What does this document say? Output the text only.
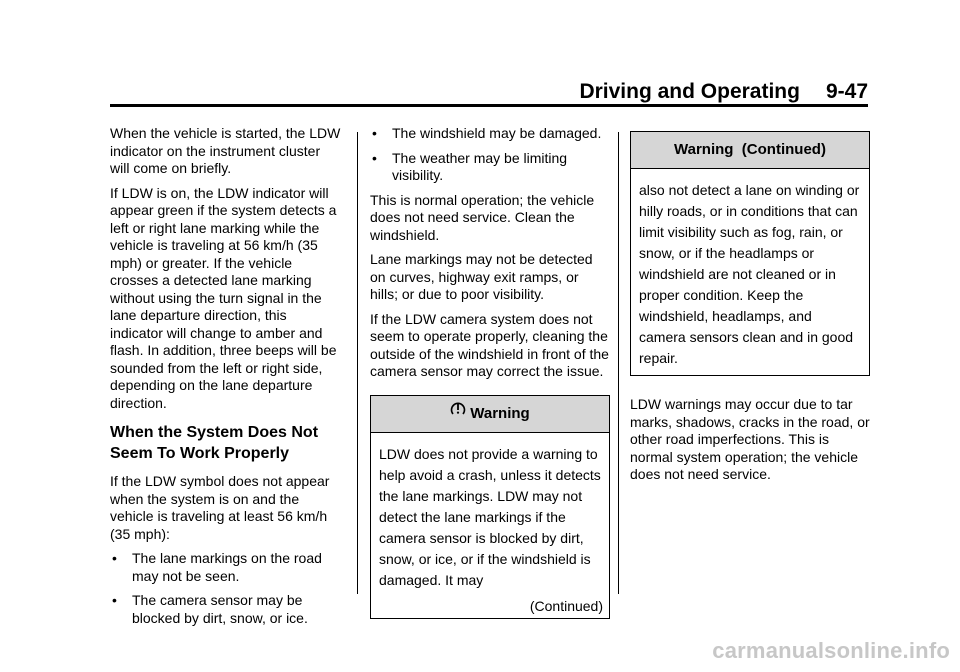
Driving and Operating 9-47

When the vehicle is started, the LDW indicator on the instrument cluster will come on briefly.

If LDW is on, the LDW indicator will appear green if the system detects a left or right lane marking while the vehicle is traveling at 56 km/h (35 mph) or greater. If the vehicle crosses a detected lane marking without using the turn signal in the lane departure direction, this indicator will change to amber and flash. In addition, three beeps will be sounded from the left or right side, depending on the lane departure direction.

When the System Does Not Seem To Work Properly

If the LDW symbol does not appear when the system is on and the vehicle is traveling at least 56 km/h (35 mph):

• The lane markings on the road may not be seen.

• The camera sensor may be blocked by dirt, snow, or ice.

• The windshield may be damaged.

• The weather may be limiting visibility.

This is normal operation; the vehicle does not need service. Clean the windshield.

Lane markings may not be detected on curves, highway exit ramps, or hills; or due to poor visibility.

If the LDW camera system does not seem to operate properly, cleaning the outside of the windshield in front of the camera sensor may correct the issue.

Warning

LDW does not provide a warning to help avoid a crash, unless it detects the lane markings. LDW may not detect the lane markings if the camera sensor is blocked by dirt, snow, or ice, or if the windshield is damaged. It may

(Continued)
Warning  (Continued)

also not detect a lane on winding or hilly roads, or in conditions that can limit visibility such as fog, rain, or snow, or if the headlamps or windshield are not cleaned or in proper condition. Keep the windshield, headlamps, and camera sensors clean and in good repair.

LDW warnings may occur due to tar marks, shadows, cracks in the road, or other road imperfections. This is normal system operation; the vehicle does not need service.

carmanualsonline.info
